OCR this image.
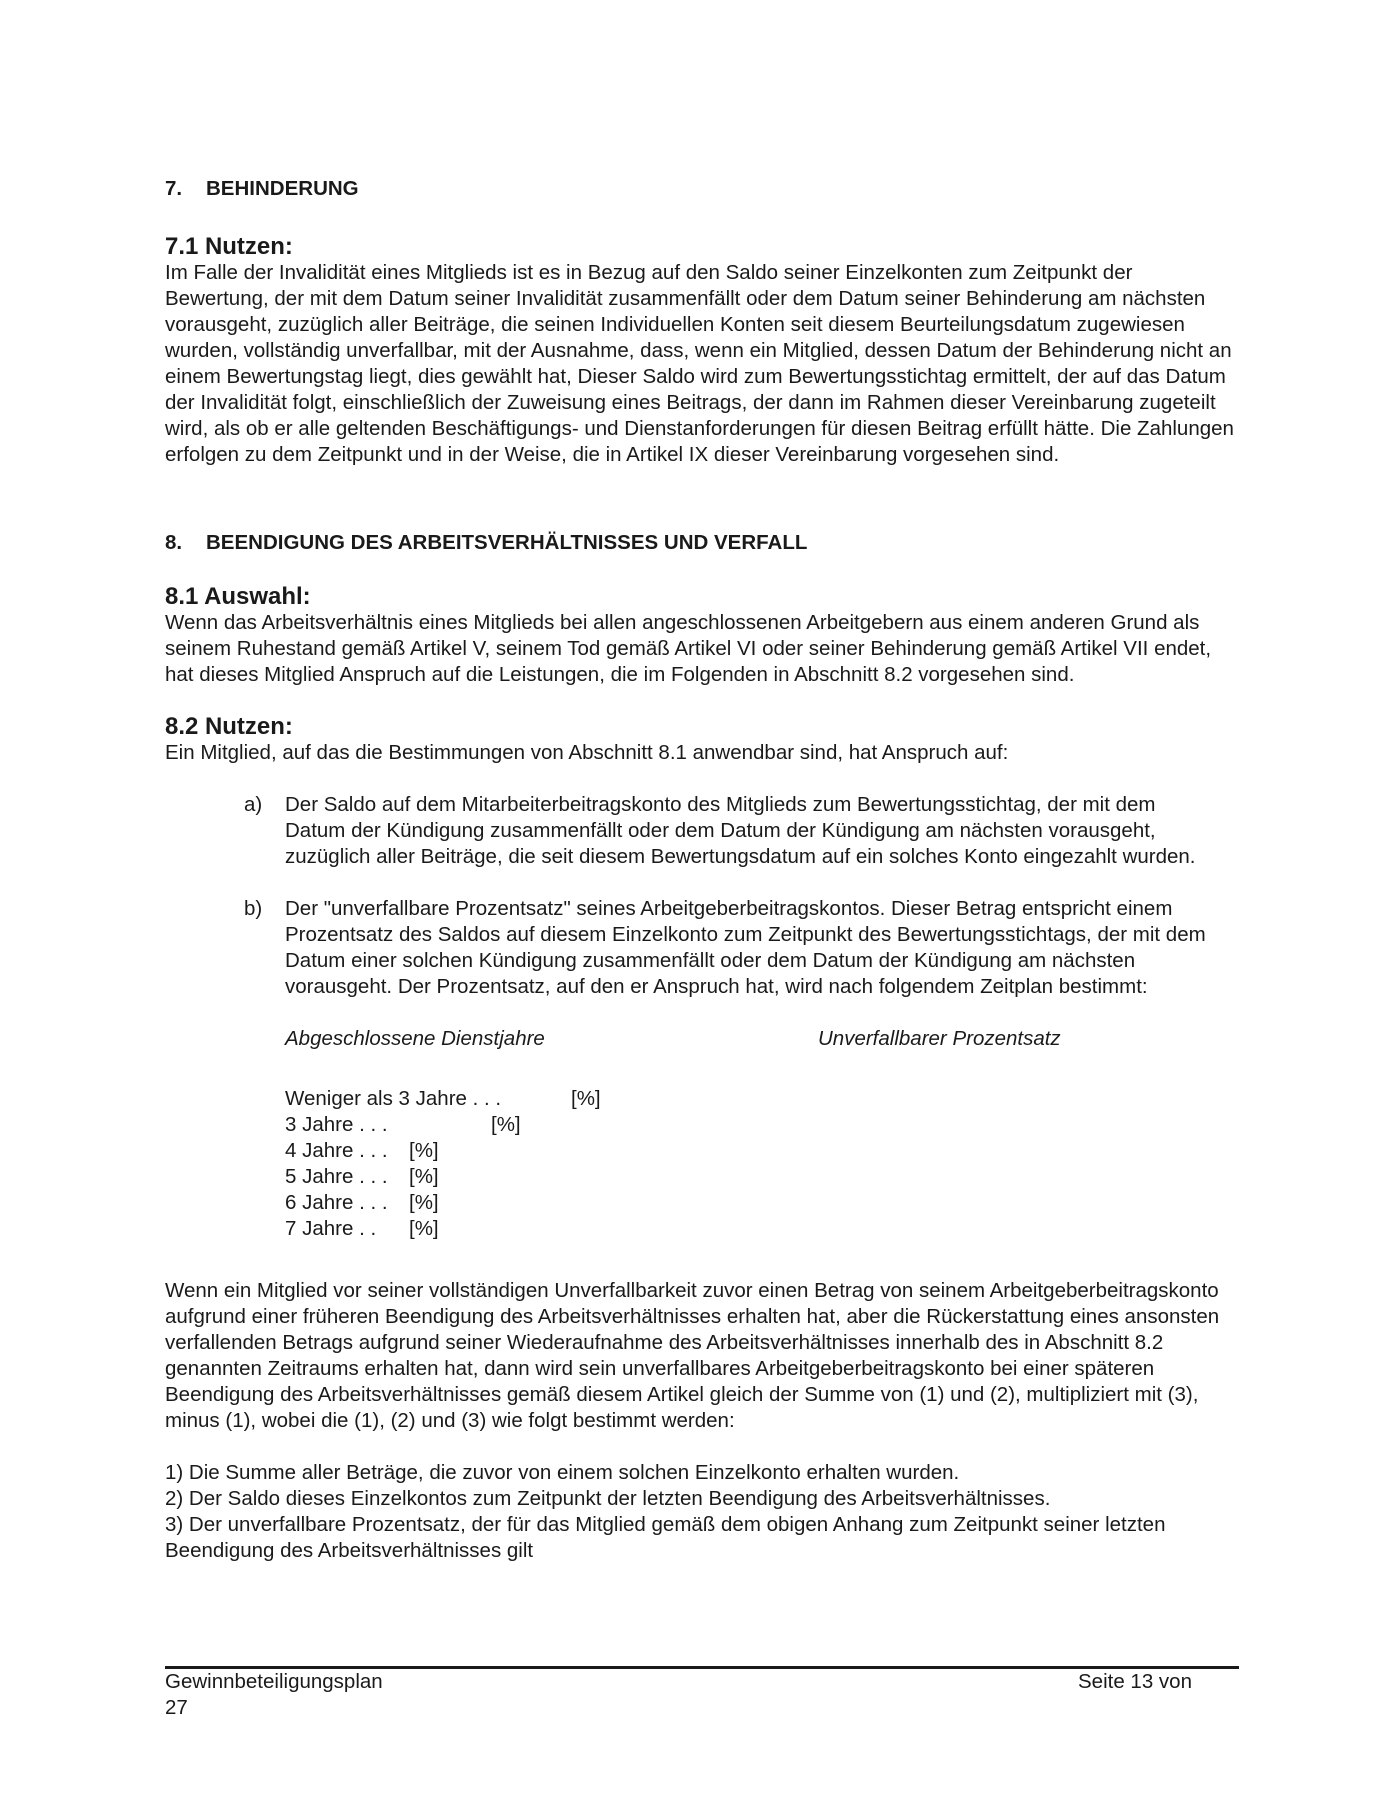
7.	BEHINDERUNG
7.1 Nutzen:

Im Falle der Invalidität eines Mitglieds ist es in Bezug auf den Saldo seiner Einzelkonten zum Zeitpunkt der Bewertung, der mit dem Datum seiner Invalidität zusammenfällt oder dem Datum seiner Behinderung am nächsten vorausgeht, zuzüglich aller Beiträge, die seinen Individuellen Konten seit diesem Beurteilungsdatum zugewiesen wurden, vollständig unverfallbar, mit der Ausnahme, dass, wenn ein Mitglied, dessen Datum der Behinderung nicht an einem Bewertungstag liegt, dies gewählt hat, Dieser Saldo wird zum Bewertungsstichtag ermittelt, der auf das Datum der Invalidität folgt, einschließlich der Zuweisung eines Beitrags, der dann im Rahmen dieser Vereinbarung zugeteilt wird, als ob er alle geltenden Beschäftigungs- und Dienstanforderungen für diesen Beitrag erfüllt hätte. Die Zahlungen erfolgen zu dem Zeitpunkt und in der Weise, die in Artikel IX dieser Vereinbarung vorgesehen sind.

8.	BEENDIGUNG DES ARBEITSVERHÄLTNISSES UND VERFALL
8.1 Auswahl:

Wenn das Arbeitsverhältnis eines Mitglieds bei allen angeschlossenen Arbeitgebern aus einem anderen Grund als seinem Ruhestand gemäß Artikel V, seinem Tod gemäß Artikel VI oder seiner Behinderung gemäß Artikel VII endet, hat dieses Mitglied Anspruch auf die Leistungen, die im Folgenden in Abschnitt 8.2 vorgesehen sind.

8.2 Nutzen:

Ein Mitglied, auf das die Bestimmungen von Abschnitt 8.1 anwendbar sind, hat Anspruch auf:

a)	Der Saldo auf dem Mitarbeiterbeitragskonto des Mitglieds zum Bewertungsstichtag, der mit dem Datum der Kündigung zusammenfällt oder dem Datum der Kündigung am nächsten vorausgeht, zuzüglich aller Beiträge, die seit diesem Bewertungsdatum auf ein solches Konto eingezahlt wurden.
b)	Der "unverfallbare Prozentsatz" seines Arbeitgeberbeitragskontos. Dieser Betrag entspricht einem Prozentsatz des Saldos auf diesem Einzelkonto zum Zeitpunkt des Bewertungsstichtags, der mit dem Datum einer solchen Kündigung zusammenfällt oder dem Datum der Kündigung am nächsten vorausgeht. Der Prozentsatz, auf den er Anspruch hat, wird nach folgendem Zeitplan bestimmt:
Abgeschlossene Dienstjahre	Unverfallbarer Prozentsatz
Weniger als 3 Jahre . . .	[%]
3 Jahre . . .	[%]
4 Jahre . . . [%]
5 Jahre . . . [%]
6 Jahre . . . [%]
7 Jahre . . [%]

Wenn ein Mitglied vor seiner vollständigen Unverfallbarkeit zuvor einen Betrag von seinem Arbeitgeberbeitragskonto aufgrund einer früheren Beendigung des Arbeitsverhältnisses erhalten hat, aber die Rückerstattung eines ansonsten verfallenden Betrags aufgrund seiner Wiederaufnahme des Arbeitsverhältnisses innerhalb des in Abschnitt 8.2 genannten Zeitraums erhalten hat, dann wird sein unverfallbares Arbeitgeberbeitragskonto bei einer späteren Beendigung des Arbeitsverhältnisses gemäß diesem Artikel gleich der Summe von (1) und (2), multipliziert mit (3), minus (1), wobei die (1), (2) und (3) wie folgt bestimmt werden:

1) Die Summe aller Beträge, die zuvor von einem solchen Einzelkonto erhalten wurden.

2) Der Saldo dieses Einzelkontos zum Zeitpunkt der letzten Beendigung des Arbeitsverhältnisses.

3) Der unverfallbare Prozentsatz, der für das Mitglied gemäß dem obigen Anhang zum Zeitpunkt seiner letzten Beendigung des Arbeitsverhältnisses gilt

Gewinnbeteiligungsplan
27
Seite 13 von
